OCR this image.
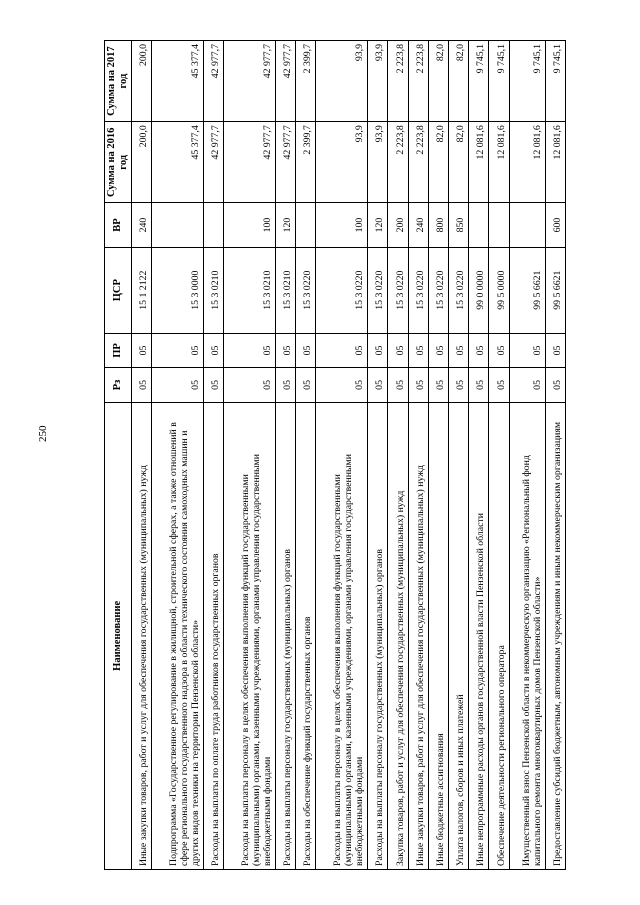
250
Наименование	Рз	ПР	ЦСР	ВР	Сумма на 2016 год	Сумма на 2017 год
Иные закупки товаров, работ и услуг для обеспечения государственных (муниципальных) нужд	05	05	15 1 2122	240	200,0	200,0
Подпрограмма «Государственное регулирование в жилищной, строительной сферах, а также отношений в сфере регионального государственного надзора в области технического состояния самоходных машин и других видов техники на территории Пензенской области»	05	05	15 3 0000		45 377,4	45 377,4
Расходы на выплаты по оплате труда работников государственных органов	05	05	15 3 0210		42 977,7	42 977,7
Расходы на выплаты персоналу в целях обеспечения выполнения функций государственными (муниципальными) органами, казенными учреждениями, органами управления государственными внебюджетными фондами	05	05	15 3 0210	100	42 977,7	42 977,7
Расходы на выплаты персоналу государственных (муниципальных) органов	05	05	15 3 0210	120	42 977,7	42 977,7
Расходы на обеспечение функций государственных органов	05	05	15 3 0220		2 399,7	2 399,7
Расходы на выплаты персоналу в целях обеспечения выполнения функций государственными (муниципальными) органами, казенными учреждениями, органами управления государственными внебюджетными фондами	05	05	15 3 0220	100	93,9	93,9
Расходы на выплаты персоналу государственных (муниципальных) органов	05	05	15 3 0220	120	93,9	93,9
Закупка товаров, работ и услуг для обеспечения государственных (муниципальных) нужд	05	05	15 3 0220	200	2 223,8	2 223,8
Иные закупки товаров, работ и услуг для обеспечения государственных (муниципальных) нужд	05	05	15 3 0220	240	2 223,8	2 223,8
Иные бюджетные ассигнования	05	05	15 3 0220	800	82,0	82,0
Уплата налогов, сборов и иных платежей	05	05	15 3 0220	850	82,0	82,0
Иные непрограммные расходы органов государственной власти Пензенской области	05	05	99 0 0000		12 081,6	9 745,1
Обеспечение деятельности регионального оператора	05	05	99 5 0000		12 081,6	9 745,1
Имущественный взнос Пензенской области в некоммерческую организацию «Региональный фонд капитального ремонта многоквартирных домов Пензенской области»	05	05	99 5 6621		12 081,6	9 745,1
Предоставление субсидий бюджетным, автономным учреждениям и иным некоммерческим организациям	05	05	99 5 6621	600	12 081,6	9 745,1
